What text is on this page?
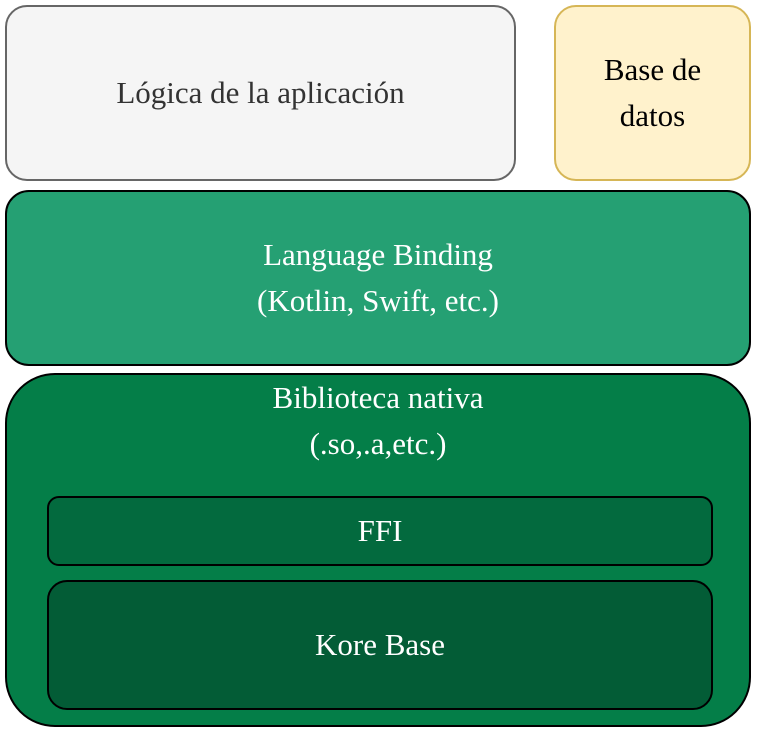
Lógica de la aplicación
Base de
datos
Language Binding
(Kotlin, Swift, etc.)
Biblioteca nativa
(.so,.a,etc.)
FFI
Kore Base
